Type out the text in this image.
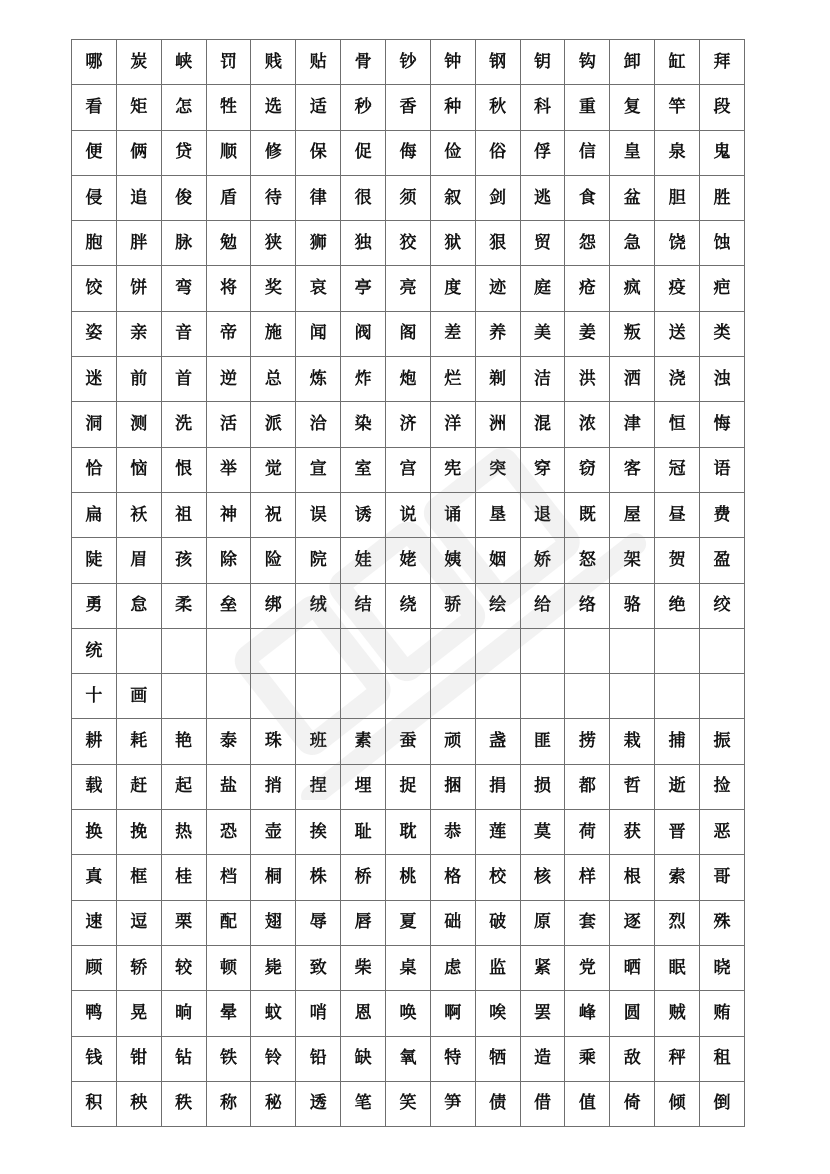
哪	炭	峡	罚	贱	贴	骨	钞	钟	钢	钥	钩	卸	缸	拜
看	矩	怎	牲	选	适	秒	香	种	秋	科	重	复	竿	段
便	俩	贷	顺	修	保	促	侮	俭	俗	俘	信	皇	泉	鬼
侵	追	俊	盾	待	律	很	须	叙	剑	逃	食	盆	胆	胜
胞	胖	脉	勉	狭	狮	独	狡	狱	狠	贸	怨	急	饶	蚀
饺	饼	弯	将	奖	哀	亭	亮	度	迹	庭	疮	疯	疫	疤
姿	亲	音	帝	施	闻	阀	阁	差	养	美	姜	叛	送	类
迷	前	首	逆	总	炼	炸	炮	烂	剃	洁	洪	洒	浇	浊
洞	测	洗	活	派	洽	染	济	洋	洲	混	浓	津	恒	悔
恰	恼	恨	举	觉	宣	室	宫	宪	突	穿	窃	客	冠	语
扁	袄	祖	神	祝	误	诱	说	诵	垦	退	既	屋	昼	费
陡	眉	孩	除	险	院	娃	姥	姨	姻	娇	怒	架	贺	盈
勇	怠	柔	垒	绑	绒	结	绕	骄	绘	给	络	骆	绝	绞
统														
十	画													
耕	耗	艳	泰	珠	班	素	蚕	顽	盏	匪	捞	栽	捕	振
载	赶	起	盐	捎	捏	埋	捉	捆	捐	损	都	哲	逝	捡
换	挽	热	恐	壶	挨	耻	耽	恭	莲	莫	荷	获	晋	恶
真	框	桂	档	桐	株	桥	桃	格	校	核	样	根	索	哥
速	逗	栗	配	翅	辱	唇	夏	础	破	原	套	逐	烈	殊
顾	轿	较	顿	毙	致	柴	桌	虑	监	紧	党	晒	眠	晓
鸭	晃	晌	晕	蚊	哨	恩	唤	啊	唉	罢	峰	圆	贼	贿
钱	钳	钻	铁	铃	铅	缺	氧	特	牺	造	乘	敌	秤	租
积	秧	秩	称	秘	透	笔	笑	笋	债	借	值	倚	倾	倒
